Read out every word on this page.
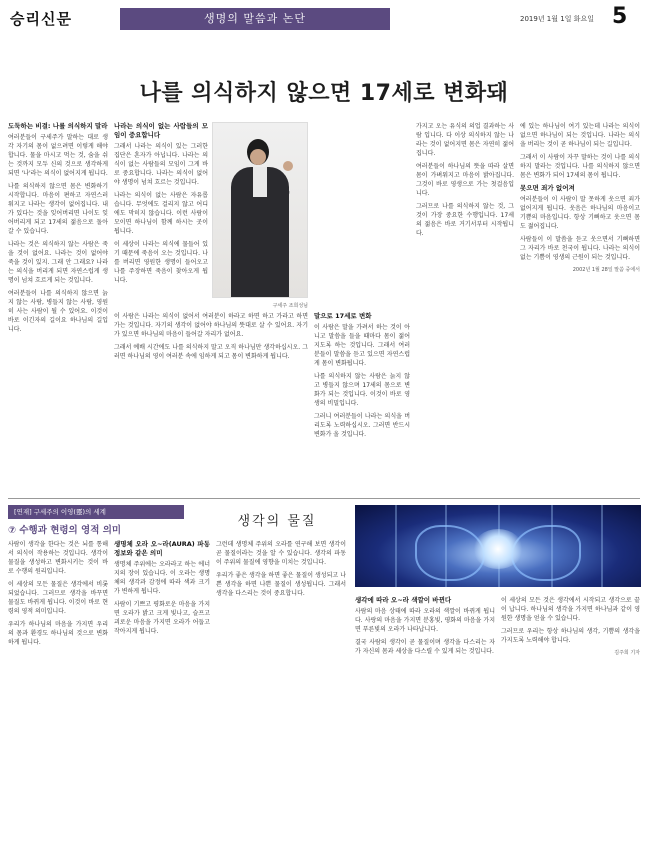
승리신문	생명의 말씀과 논단	2019년 1월 1일 화요일 5
나를 의식하지 않으면 17세로 변화돼
구세주 조희성님

도둑하는 비결: 나를 의식하지 말라

여러분들이 구세주가 말하는 대로 생각 자기의 몸이 없으려면 이렇게 해야 합니다. 물을 마시고 먹는 것, 숨을 쉬는 것까지 모두 신의 것으로 생각하게 되면 '나'라는 의식이 없어지게 됩니다.

나를 의식하지 않으면 몸은 변화하기 시작합니다. 마음이 편하고 자연스러워지고 나라는 생각이 없어집니다. 내가 있다는 것을 잊어버리면 나이도 잊어버리게 되고 17세의 젊음으로 돌아갈 수 있습니다.

나라는 것은 의식하지 않는 사람은 죽을 것이 없어요. 나라는 것이 없어야 죽을 것이 있지. 그래 안 그래요? 나라는 의식을 버리게 되면 자연스럽게 생명이 넘쳐 흐르게 되는 것입니다.

여러분들이 나를 의식하지 않으면 늙지 않는 사람, 병들지 않는 사람, 영원히 사는 사람이 될 수 있어요. 이것이 바로 이긴자의 길이요 하나님의 길입니다.

나라는 의식이 없는 사람들의 모임이 중요합니다

그래서 나라는 의식이 있는 그러한 집단은 혼자가 아닙니다. 나라는 의식이 없는 사람들의 모임이 그게 바로 중요합니다. 나라는 의식이 없어야 생명이 넘쳐 흐르는 것입니다.

나라는 의식이 없는 사람은 자유롭습니다. 무엇에도 걸리지 않고 어디에도 막히지 않습니다. 이런 사람이 모이면 하나님이 함께 하시는 곳이 됩니다.

이 세상이 나라는 의식에 물들어 있기 때문에 죽음이 오는 것입니다. 나를 버리면 영원한 생명이 들어오고 나를 주장하면 죽음이 찾아오게 됩니다.

이 사람은 나라는 의식이 없어서 여러분이 하라고 하면 하고 가라고 하면 가는 것입니다. 자기의 생각이 없어야 하나님의 뜻대로 살 수 있어요. 자기가 있으면 하나님의 마음이 들어갈 자리가 없어요.

그래서 예배 시간에도 나를 의식하지 말고 오직 하나님만 생각하십시오. 그러면 하나님의 영이 여러분 속에 임하게 되고 몸이 변화하게 됩니다.

말으로 17세로 변화

이 사람은 말을 가려서 하는 것이 아니고 말씀을 들을 때마다 몸이 젊어지도록 하는 것입니다. 그래서 여러분들이 말씀을 듣고 있으면 자연스럽게 몸이 변화됩니다.

나를 의식하지 않는 사람은 늙지 않고 병들지 않으며 17세의 몸으로 변화가 되는 것입니다. 이것이 바로 영생의 비밀입니다.

그러니 여러분들이 나라는 의식을 버리도록 노력하십시오. 그러면 반드시 변화가 올 것입니다.

가지고 오는 유식의 의업 결과하는 사람 입니다. 다 이상 의식하지 않는 나라는 것이 없어지면 몸은 자연히 젊어집니다.

여러분들이 하나님의 뜻을 따라 살면 몸이 가벼워지고 마음이 밝아집니다. 그것이 바로 영생으로 가는 첫걸음입니다.

그러므로 나를 의식하지 않는 것, 그것이 가장 중요한 수행입니다. 17세의 젊음은 바로 거기서부터 시작됩니다.

에 있는 하나님이 여기 있는데 나라는 의식이 없으면 하나님이 되는 것입니다. 나라는 의식을 버리는 것이 곧 하나님이 되는 길입니다.

그래서 이 사람이 자꾸 말하는 것이 나를 의식하지 말라는 것입니다. 나를 의식하지 않으면 몸은 변화가 되어 17세의 몸이 됩니다.

못으면 죄가 없어져

여러분들이 이 사람이 말 못하게 웃으면 죄가 없어지게 됩니다. 웃음은 하나님의 마음이고 기쁨의 마음입니다. 항상 기뻐하고 웃으면 몸도 젊어집니다.

사람들이 이 말씀을 듣고 웃으면서 기뻐하면 그 자리가 바로 천국이 됩니다. 나라는 의식이 없는 기쁨이 영생의 근원이 되는 것입니다.

2002년 1월 28일 말씀 중에서

[연재] 구세주의 이영(靈)의 세계
⑦ 수행과 현령의 영적 의미
생각의 물질

사람이 생각을 한다는 것은 뇌를 통해서 의식이 작용하는 것입니다. 생각이 물질을 생성하고 변화시키는 것이 바로 수행의 원리입니다.

이 세상의 모든 물질은 생각에서 비롯되었습니다. 그러므로 생각을 바꾸면 물질도 바뀌게 됩니다. 이것이 바로 현령의 영적 의미입니다.

우리가 하나님의 마음을 가지면 우리의 몸과 환경도 하나님의 것으로 변화하게 됩니다.

생명체 오라 오~라(AURA) 파동 정보와 같은 의미

생명체 주위에는 오라라고 하는 에너지의 장이 있습니다. 이 오라는 생명체의 생각과 감정에 따라 색과 크기가 변하게 됩니다.

사람이 기쁘고 평화로운 마음을 가지면 오라가 밝고 크게 빛나고, 슬프고 괴로운 마음을 가지면 오라가 어둡고 작아지게 됩니다.

그런데 생명체 주위의 오라를 연구해 보면 생각이 곧 물질이라는 것을 알 수 있습니다. 생각의 파동이 주위의 물질에 영향을 미치는 것입니다.

우리가 좋은 생각을 하면 좋은 물질이 생성되고 나쁜 생각을 하면 나쁜 물질이 생성됩니다. 그래서 생각을 다스리는 것이 중요합니다.

생각에 따라 오~라 색깔이 바뀐다

사람의 마음 상태에 따라 오라의 색깔이 바뀌게 됩니다. 사랑의 마음을 가지면 분홍빛, 평화의 마음을 가지면 푸른빛의 오라가 나타납니다.

결국 사람의 생각이 곧 물질이며 생각을 다스리는 자가 자신의 몸과 세상을 다스릴 수 있게 되는 것입니다.

이 세상의 모든 것은 생각에서 시작되고 생각으로 끝이 납니다. 하나님의 생각을 가지면 하나님과 같이 영원한 생명을 얻을 수 있습니다.

그러므로 우리는 항상 하나님의 생각, 기쁨의 생각을 가지도록 노력해야 합니다.

김주희 기자
